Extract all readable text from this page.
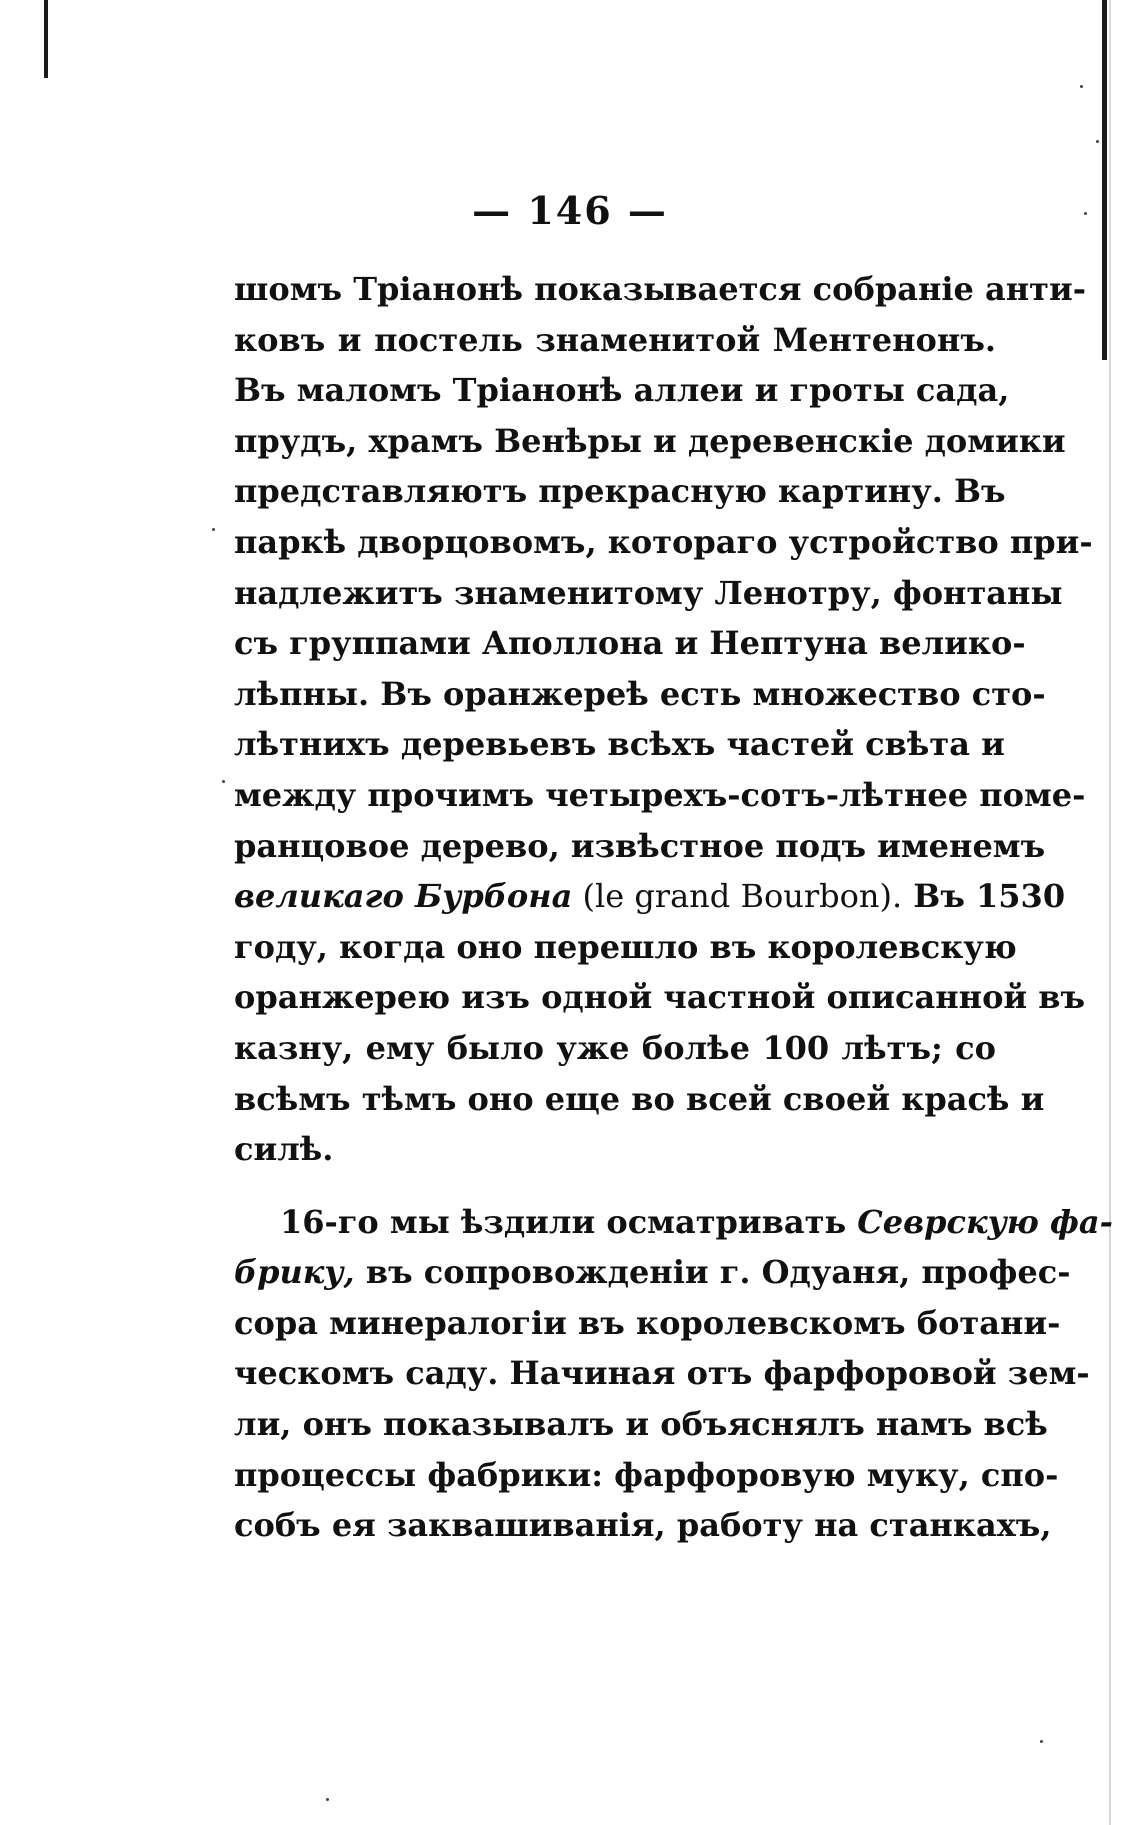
— 146 —
шомъ Тріанонѣ показывается собраніе анти-
ковъ и постель знаменитой Ментенонъ.
Въ маломъ Тріанонѣ аллеи и гроты сада,
прудъ, храмъ Венѣры и деревенскіе домики
представляютъ прекрасную картину. Въ
паркѣ дворцовомъ, котораго устройство при-
надлежитъ знаменитому Ленотру, фонтаны
съ группами Аполлона и Нептуна велико-
лѣпны. Въ оранжереѣ есть множество сто-
лѣтнихъ деревьевъ всѣхъ частей свѣта и
между прочимъ четырехъ-сотъ-лѣтнее поме-
ранцовое дерево, извѣстное подъ именемъ
великаго Бурбона (le grand Bourbon). Въ 1530
году, когда оно перешло въ королевскую
оранжерею изъ одной частной описанной въ
казну, ему было уже болѣе 100 лѣтъ; со
всѣмъ тѣмъ оно еще во всей своей красѣ и
силѣ.
16-го мы ѣздили осматривать Севрскую фа-
брику, въ сопровожденіи г. Одуаня, профес-
сора минералогіи въ королевскомъ ботани-
ческомъ саду. Начиная отъ фарфоровой зем-
ли, онъ показывалъ и объяснялъ намъ всѣ
процессы фабрики: фарфоровую муку, спо-
собъ ея заквашиванія, работу на станкахъ,
